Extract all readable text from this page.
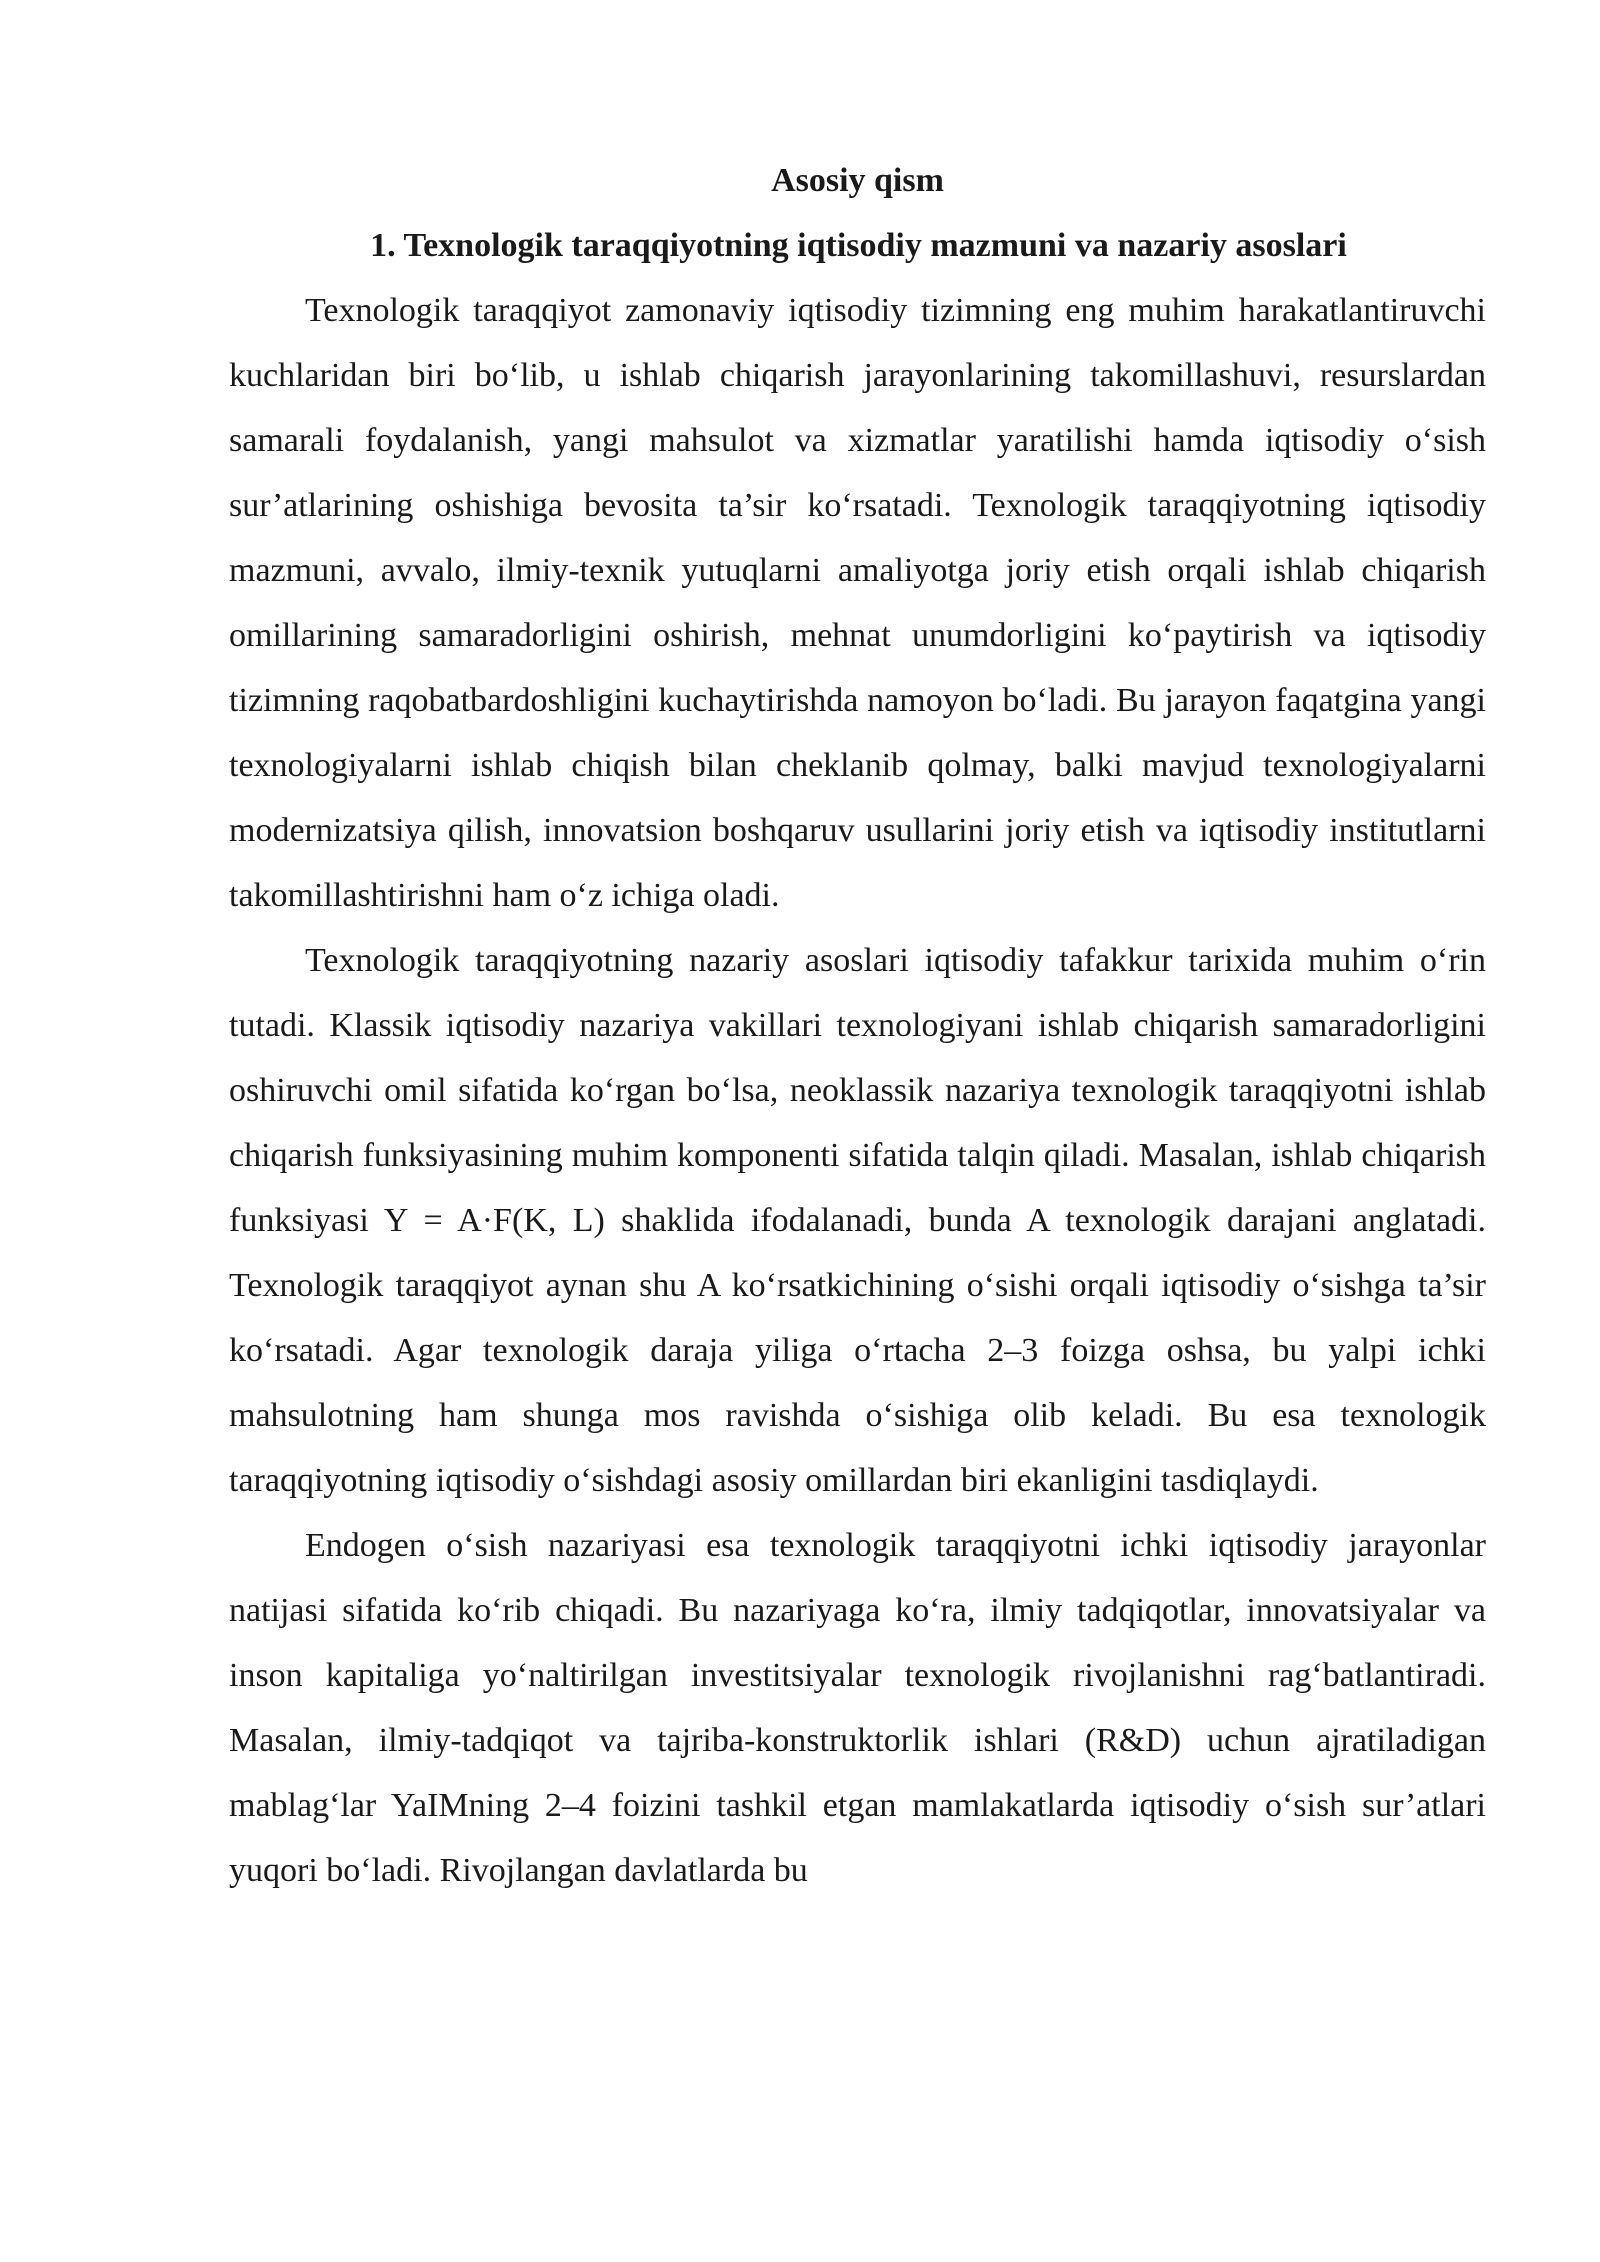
Asosiy qism

1. Texnologik taraqqiyotning iqtisodiy mazmuni va nazariy asoslari

Texnologik taraqqiyot zamonaviy iqtisodiy tizimning eng muhim harakatlantiruvchi kuchlaridan biri bo‘lib, u ishlab chiqarish jarayonlarining takomillashuvi, resurslardan samarali foydalanish, yangi mahsulot va xizmatlar yaratilishi hamda iqtisodiy o‘sish sur’atlarining oshishiga bevosita ta’sir ko‘rsatadi. Texnologik taraqqiyotning iqtisodiy mazmuni, avvalo, ilmiy-texnik yutuqlarni amaliyotga joriy etish orqali ishlab chiqarish omillarining samaradorligini oshirish, mehnat unumdorligini ko‘paytirish va iqtisodiy tizimning raqobatbardoshligini kuchaytirishda namoyon bo‘ladi. Bu jarayon faqatgina yangi texnologiyalarni ishlab chiqish bilan cheklanib qolmay, balki mavjud texnologiyalarni modernizatsiya qilish, innovatsion boshqaruv usullarini joriy etish va iqtisodiy institutlarni takomillashtirishni ham o‘z ichiga oladi.

Texnologik taraqqiyotning nazariy asoslari iqtisodiy tafakkur tarixida muhim o‘rin tutadi. Klassik iqtisodiy nazariya vakillari texnologiyani ishlab chiqarish samaradorligini oshiruvchi omil sifatida ko‘rgan bo‘lsa, neoklassik nazariya texnologik taraqqiyotni ishlab chiqarish funksiyasining muhim komponenti sifatida talqin qiladi. Masalan, ishlab chiqarish funksiyasi Y = A·F(K, L) shaklida ifodalanadi, bunda A texnologik darajani anglatadi. Texnologik taraqqiyot aynan shu A ko‘rsatkichining o‘sishi orqali iqtisodiy o‘sishga ta’sir ko‘rsatadi. Agar texnologik daraja yiliga o‘rtacha 2–3 foizga oshsa, bu yalpi ichki mahsulotning ham shunga mos ravishda o‘sishiga olib keladi. Bu esa texnologik taraqqiyotning iqtisodiy o‘sishdagi asosiy omillardan biri ekanligini tasdiqlaydi.

Endogen o‘sish nazariyasi esa texnologik taraqqiyotni ichki iqtisodiy jarayonlar natijasi sifatida ko‘rib chiqadi. Bu nazariyaga ko‘ra, ilmiy tadqiqotlar, innovatsiyalar va inson kapitaliga yo‘naltirilgan investitsiyalar texnologik rivojlanishni rag‘batlantiradi. Masalan, ilmiy-tadqiqot va tajriba-konstruktorlik ishlari (R&D) uchun ajratiladigan mablag‘lar YaIMning 2–4 foizini tashkil etgan mamlakatlarda iqtisodiy o‘sish sur’atlari yuqori bo‘ladi. Rivojlangan davlatlarda bu
